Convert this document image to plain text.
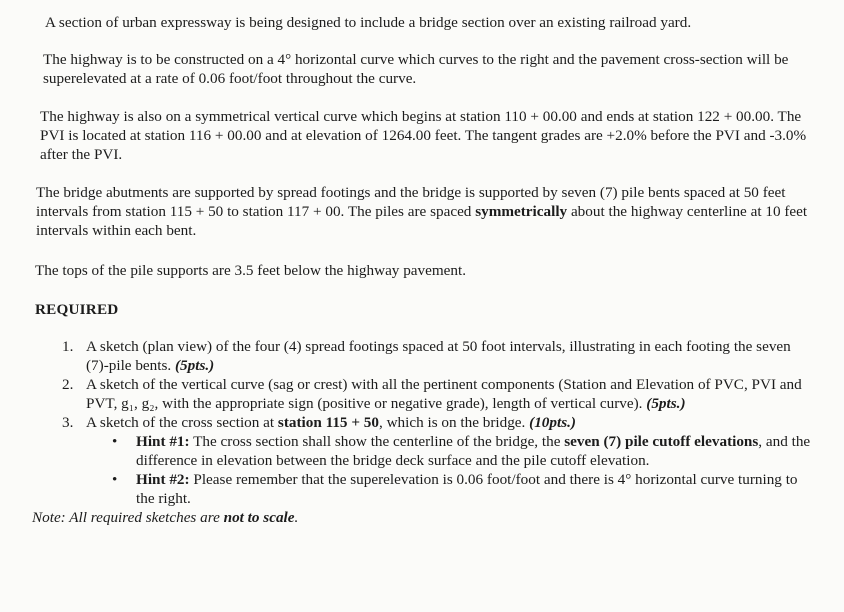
A section of urban expressway is being designed to include a bridge section over an existing railroad yard.

The highway is to be constructed on a 4° horizontal curve which curves to the right and the pavement cross-section will be superelevated at a rate of 0.06 foot/foot throughout the curve.

The highway is also on a symmetrical vertical curve which begins at station 110 + 00.00 and ends at station 122 + 00.00. The PVI is located at station 116 + 00.00 and at elevation of 1264.00 feet. The tangent grades are +2.0% before the PVI and -3.0% after the PVI.

The bridge abutments are supported by spread footings and the bridge is supported by seven (7) pile bents spaced at 50 feet intervals from station 115 + 50 to station 117 + 00. The piles are spaced symmetrically about the highway centerline at 10 feet intervals within each bent.

The tops of the pile supports are 3.5 feet below the highway pavement.

REQUIRED

1. A sketch (plan view) of the four (4) spread footings spaced at 50 foot intervals, illustrating in each footing the seven (7)-pile bents. (5pts.)
2. A sketch of the vertical curve (sag or crest) with all the pertinent components (Station and Elevation of PVC, PVI and PVT, g₁, g₂, with the appropriate sign (positive or negative grade), length of vertical curve). (5pts.)
3. A sketch of the cross section at station 115 + 50, which is on the bridge. (10pts.)
• Hint #1: The cross section shall show the centerline of the bridge, the seven (7) pile cutoff elevations, and the difference in elevation between the bridge deck surface and the pile cutoff elevation.
• Hint #2: Please remember that the superelevation is 0.06 foot/foot and there is 4° horizontal curve turning to the right.

Note: All required sketches are not to scale.
